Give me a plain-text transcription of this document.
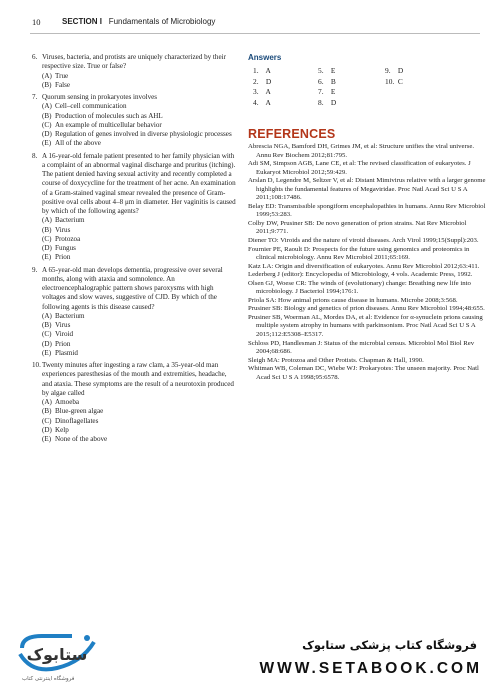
10	SECTION I Fundamentals of Microbiology
6. Viruses, bacteria, and protists are uniquely characterized by their respective size. True or false?
(A) True
(B) False
7. Quorum sensing in prokaryotes involves
(A) Cell–cell communication
(B) Production of molecules such as AHL
(C) An example of multicellular behavior
(D) Regulation of genes involved in diverse physiologic processes
(E) All of the above
8. A 16-year-old female patient presented to her family physician with a complaint of an abnormal vaginal discharge and pruritus (itching). The patient denied having sexual activity and recently completed a course of doxycycline for the treatment of her acne. An examination of a Gram-stained vaginal smear revealed the presence of Gram-positive oval cells about 4–8 μm in diameter. Her vaginitis is caused by which of the following agents?
(A) Bacterium
(B) Virus
(C) Protozoa
(D) Fungus
(E) Prion
9. A 65-year-old man develops dementia, progressive over several months, along with ataxia and somnolence. An electroencephalographic pattern shows paroxysms with high voltages and slow waves, suggestive of CJD. By which of the following agents is this disease caused?
(A) Bacterium
(B) Virus
(C) Viroid
(D) Prion
(E) Plasmid
10. Twenty minutes after ingesting a raw clam, a 35-year-old man experiences paresthesias of the mouth and extremities, headache, and ataxia. These symptoms are the result of a neurotoxin produced by algae called
(A) Amoeba
(B) Blue-green algae
(C) Dinoflagellates
(D) Kelp
(E) None of the above
Answers
1. A
2. D
3. A
4. A
5. E
6. B
7. E
8. D
9. D
10. C
REFERENCES
Abrescia NGA, Bamford DH, Grimes JM, et al: Structure unifies the viral universe. Annu Rev Biochem 2012;81:795.
Adi SM, Simpson AGB, Lane CE, et al: The revised classification of eukaryotes. J Eukaryot Microbiol 2012;59:429.
Arslan D, Legendre M, Seltzer V, et al: Distant Mimivirus relative with a larger genome highlights the fundamental features of Megaviridae. Proc Natl Acad Sci U S A 2011;108:17486.
Belay ED: Transmissible spongiform encephalopathies in humans. Annu Rev Microbiol 1999;53:283.
Colby DW, Prusiner SB: De novo generation of prion strains. Nat Rev Microbiol 2011;9:771.
Diener TO: Viroids and the nature of viroid diseases. Arch Virol 1999;15(Suppl):203.
Fournier PE, Raoult D: Prospects for the future using genomics and proteomics in clinical microbiology. Annu Rev Microbiol 2011;65:169.
Katz LA: Origin and diversification of eukaryotes. Annu Rev Microbiol 2012;63:411.
Lederberg J (editor): Encyclopedia of Microbiology, 4 vols. Academic Press, 1992.
Olsen GJ, Woese CR: The winds of (evolutionary) change: Breathing new life into microbiology. J Bacteriol 1994;176:1.
Priola SA: How animal prions cause disease in humans. Microbe 2008;3:568.
Prusiner SB: Biology and genetics of prion diseases. Annu Rev Microbiol 1994;48:655.
Prusiner SB, Woerman AL, Mordes DA, et al: Evidence for α-synuclein prions causing multiple system atrophy in humans with parkinsonism. Proc Natl Acad Sci U S A 2015;112:E5308–E5317.
Schloss PD, Handlesman J: Status of the microbial census. Microbiol Mol Biol Rev 2004;68:686.
Sleigh MA: Protozoa and Other Protists. Chapman & Hall, 1990.
Whitman WB, Coleman DC, Wiebe WJ: Prokaryotes: The unseen majority. Proc Natl Acad Sci U S A 1998;95:6578.
ستابوک
فروشگاه اینترنتی کتاب
فروشگاه کتاب پزشکی ستابوک
WWW.SETABOOK.COM
